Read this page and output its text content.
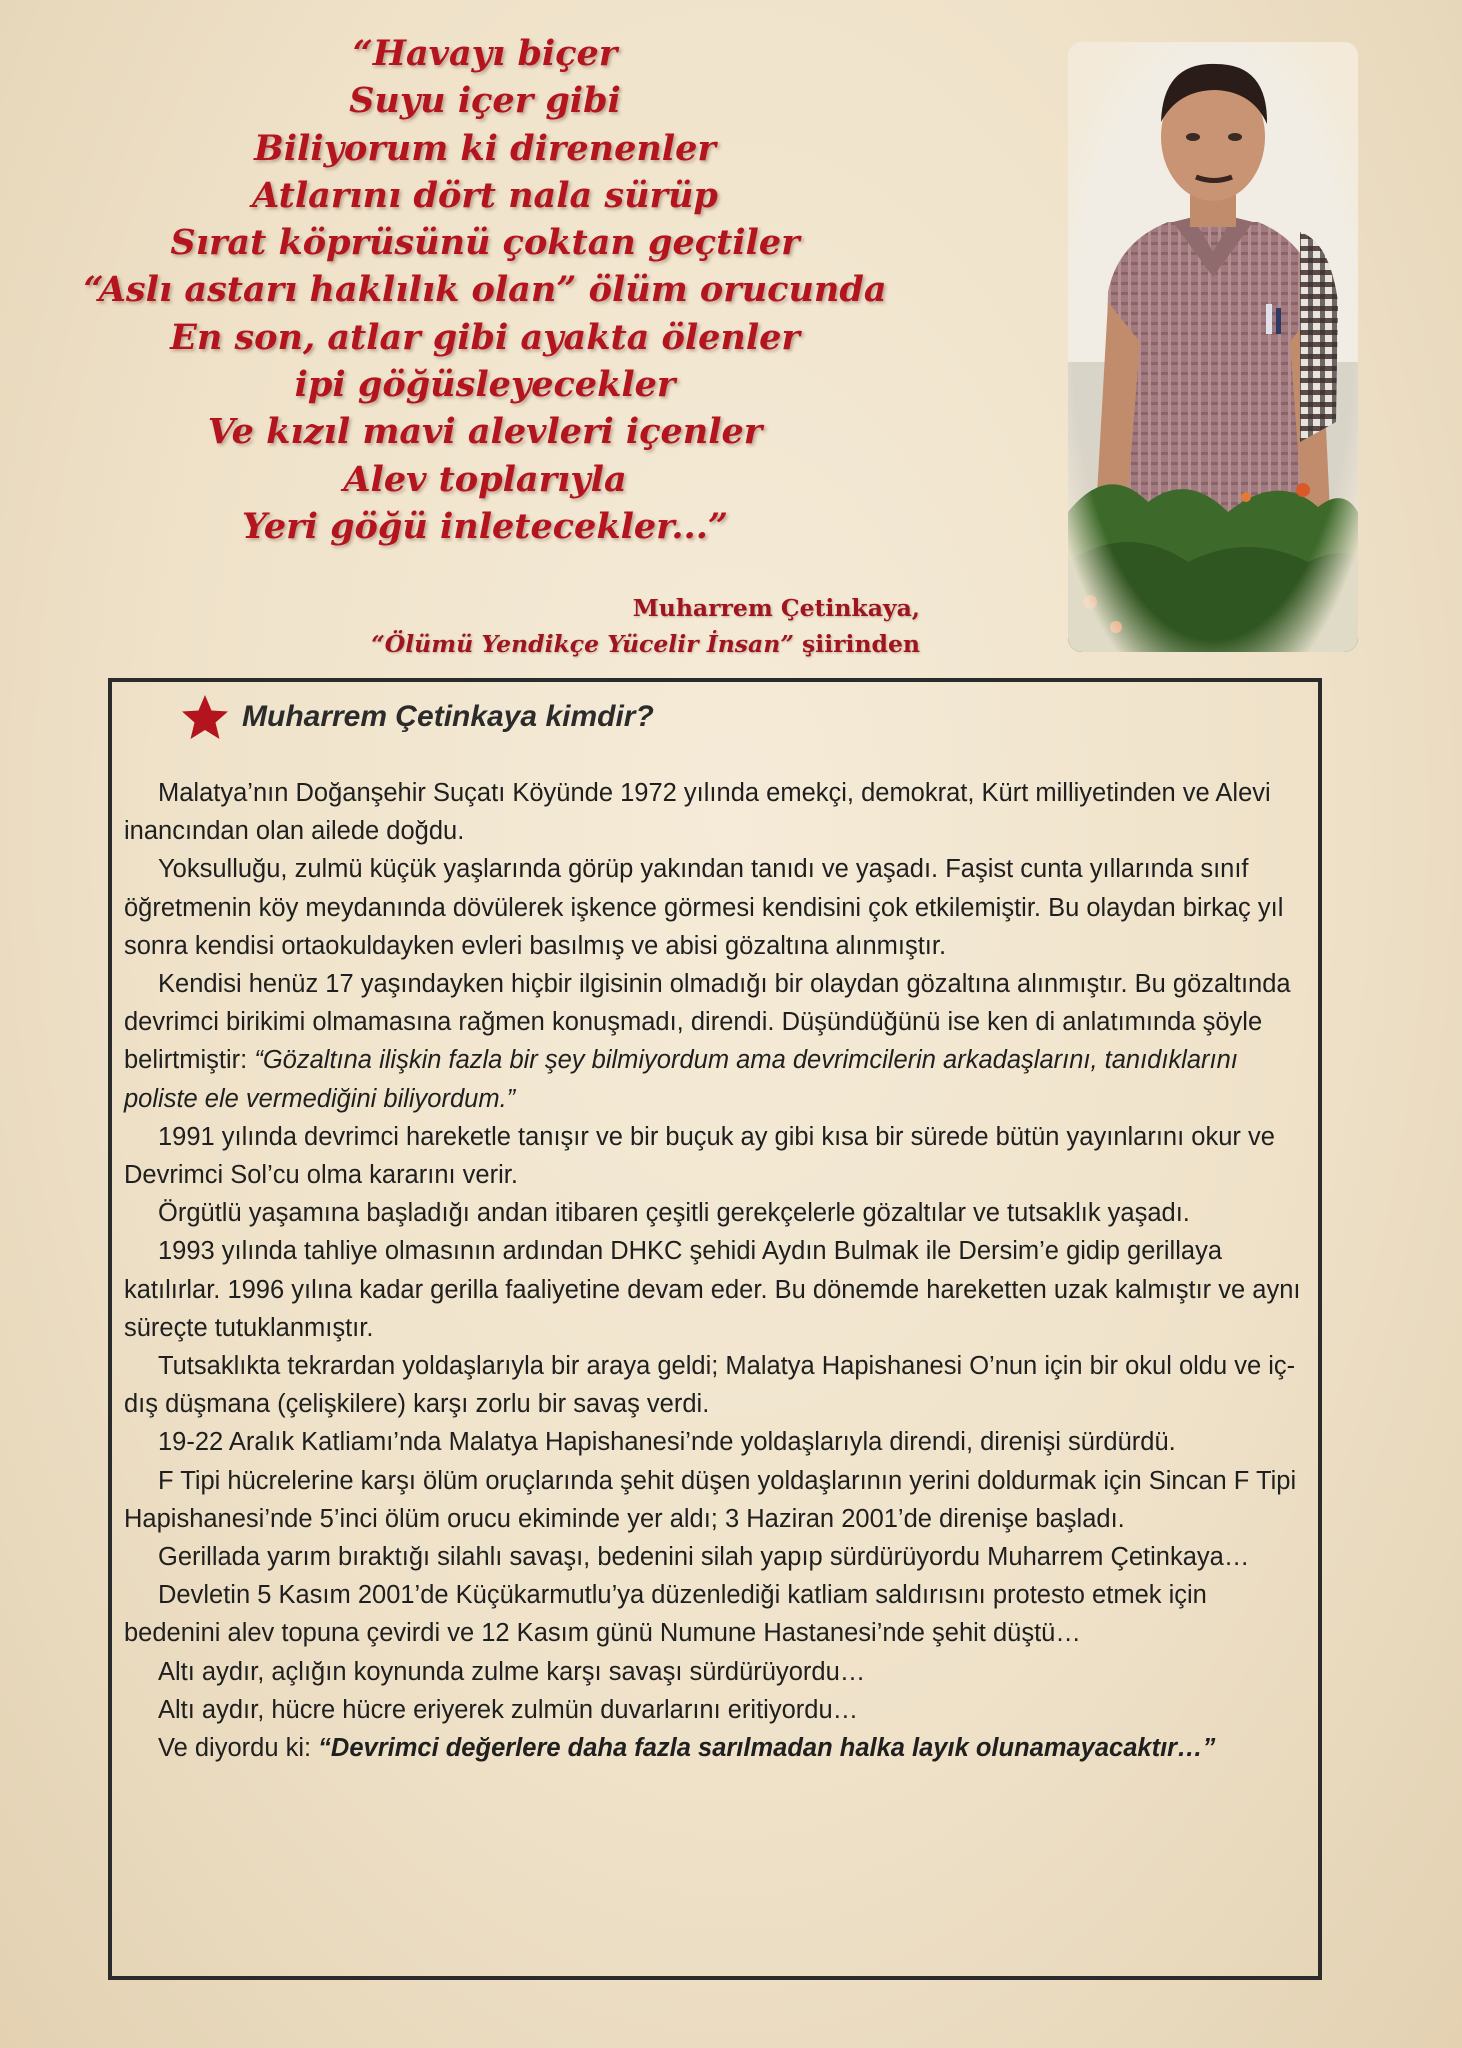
“Havayı biçer
Suyu içer gibi
Biliyorum ki direnenler
Atlarını dört nala sürüp
Sırat köprüsünü çoktan geçtiler
“Aslı astarı haklılık olan” ölüm orucunda
En son, atlar gibi ayakta ölenler
ipi göğüsleyecekler
Ve kızıl mavi alevleri içenler
Alev toplarıyla
Yeri göğü inletecekler...”
Muharrem Çetinkaya,
“Ölümü Yendikçe Yücelir İnsan” şiirinden
Muharrem Çetinkaya kimdir?

Malatya’nın Doğanşehir Suçatı Köyünde 1972 yılında emekçi, demokrat, Kürt milliyetinden ve Alevi inancından olan ailede doğdu.

Yoksulluğu, zulmü küçük yaşlarında görüp yakından tanıdı ve yaşadı. Faşist cunta yıllarında sınıf öğretmenin köy meydanında dövülerek işkence görmesi kendisini çok etkilemiştir. Bu olaydan birkaç yıl sonra kendisi ortaokuldayken evleri basılmış ve abisi gözaltına alınmıştır.

Kendisi henüz 17 yaşındayken hiçbir ilgisinin olmadığı bir olaydan gözaltına alınmıştır. Bu gözaltında devrimci birikimi olmamasına rağmen konuşmadı, direndi. Düşündüğünü ise ken di anlatımında şöyle belirtmiştir: “Gözaltına ilişkin fazla bir şey bilmiyordum ama devrimcilerin arkadaşlarını, tanıdıklarını poliste ele vermediğini biliyordum.”

1991 yılında devrimci hareketle tanışır ve bir buçuk ay gibi kısa bir sürede bütün yayınlarını okur ve Devrimci Sol’cu olma kararını verir.

Örgütlü yaşamına başladığı andan itibaren çeşitli gerekçelerle gözaltılar ve tutsaklık yaşadı.

1993 yılında tahliye olmasının ardından DHKC şehidi Aydın Bulmak ile Dersim’e gidip gerillaya katılırlar. 1996 yılına kadar gerilla faaliyetine devam eder. Bu dönemde hareketten uzak kalmıştır ve aynı süreçte tutuklanmıştır.

Tutsaklıkta tekrardan yoldaşlarıyla bir araya geldi; Malatya Hapishanesi O’nun için bir okul oldu ve iç-dış düşmana (çelişkilere) karşı zorlu bir savaş verdi.

19-22 Aralık Katliamı’nda Malatya Hapishanesi’nde yoldaşlarıyla direndi, direnişi sürdürdü.

F Tipi hücrelerine karşı ölüm oruçlarında şehit düşen yoldaşlarının yerini doldurmak için Sincan F Tipi Hapishanesi’nde 5’inci ölüm orucu ekiminde yer aldı; 3 Haziran 2001’de direnişe başladı.

Gerillada yarım bıraktığı silahlı savaşı, bedenini silah yapıp sürdürüyordu Muharrem Çetinkaya…

Devletin 5 Kasım 2001’de Küçükarmutlu’ya düzenlediği katliam saldırısını protesto etmek için bedenini alev topuna çevirdi ve 12 Kasım günü Numune Hastanesi’nde şehit düştü…

Altı aydır, açlığın koynunda zulme karşı savaşı sürdürüyordu…

Altı aydır, hücre hücre eriyerek zulmün duvarlarını eritiyordu…

Ve diyordu ki: “Devrimci değerlere daha fazla sarılmadan halka layık olunamayacaktır…”
